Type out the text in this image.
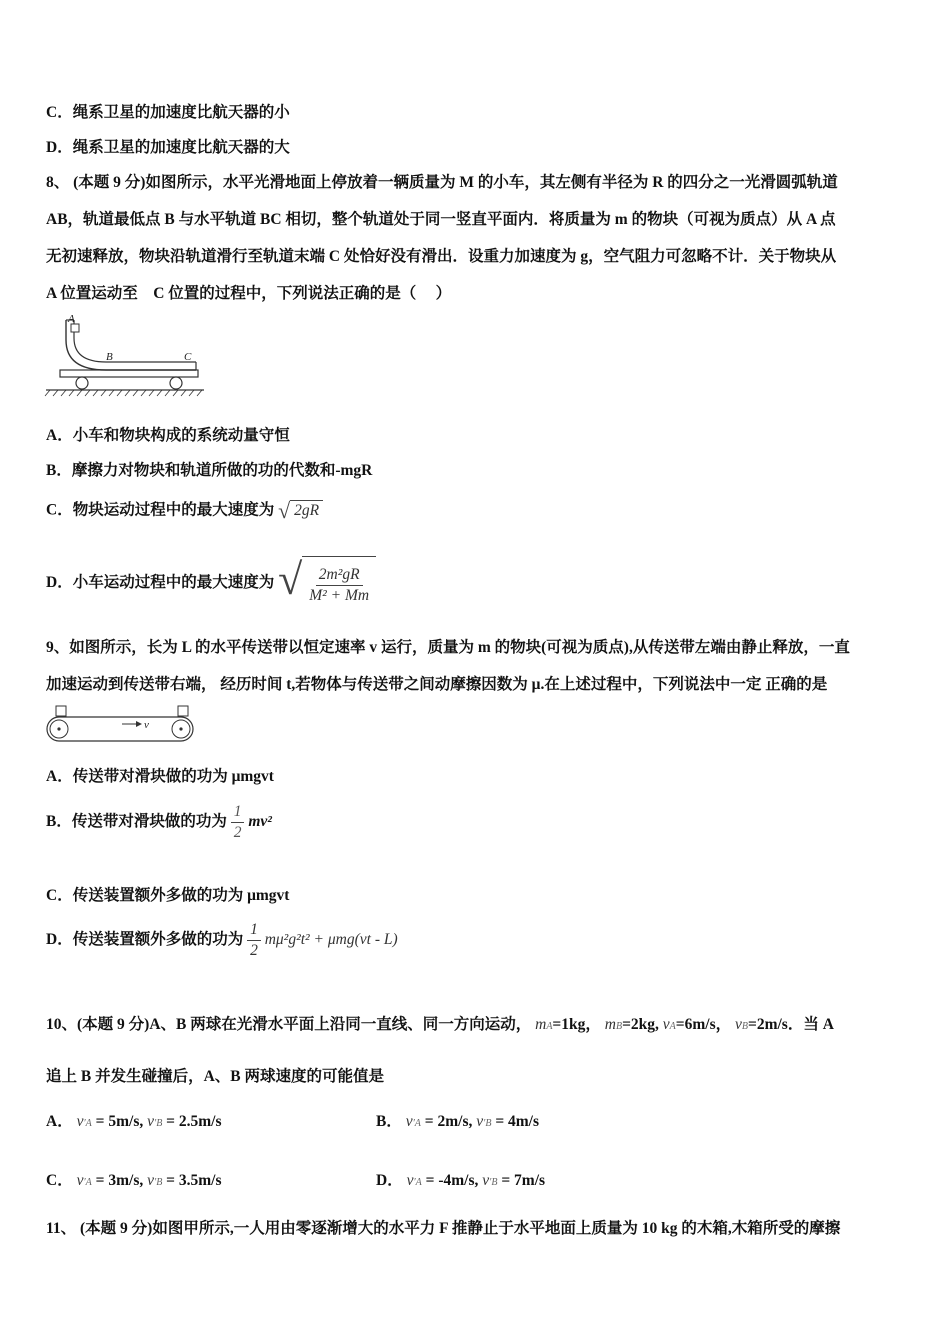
C．绳系卫星的加速度比航天器的小
D．绳系卫星的加速度比航天器的大
8、 (本题 9 分)如图所示，水平光滑地面上停放着一辆质量为 M 的小车，其左侧有半径为 R 的四分之一光滑圆弧轨道
AB，轨道最低点 B 与水平轨道 BC 相切，整个轨道处于同一竖直平面内．将质量为 m 的物块（可视为质点）从 A 点
无初速释放，物块沿轨道滑行至轨道末端 C 处恰好没有滑出．设重力加速度为 g，空气阻力可忽略不计．关于物块从
A 位置运动至　C 位置的过程中，下列说法正确的是（　 ）
A
B	C
A．小车和物块构成的系统动量守恒
B．摩擦力对物块和轨道所做的功的代数和-mgR
C．物块运动过程中的最大速度为 √ 2gR
D．小车运动过程中的最大速度为 √ $\frac{\text{2m²gR}}{\text{M² + Mm}}$
9、如图所示，长为 L 的水平传送带以恒定速率 v 运行，质量为 m 的物块(可视为质点),从传送带左端由静止释放，一直
加速运动到传送带右端， 经历时间 t,若物体与传送带之间动摩擦因数为 μ.在上述过程中，下列说法中一定 正确的是
v
A．传送带对滑块做的功为 μmgvt
B．传送带对滑块做的功为 $\frac{1}{2} mv^2$
C．传送装置额外多做的功为 μmgvt
D．传送装置额外多做的功为 $\frac{1}{2} m\mu^2g^2t^2 + \mu mg(vt - L)$
10、(本题 9 分)A、B 两球在光滑水平面上沿同一直线、同一方向运动， mA=1kg， mB=2kg, vA=6m/s， vB=2m/s．当 A
追上 B 并发生碰撞后，A、B 两球速度的可能值是
A． v′A = 5m/s, v′B = 2.5m/s	B． v′A = 2m/s, v′B = 4m/s
C． v′A = 3m/s, v′B = 3.5m/s	D． v′A = -4m/s, v′B = 7m/s
11、 (本题 9 分)如图甲所示,一人用由零逐渐增大的水平力 F 推静止于水平地面上质量为 10 kg 的木箱,木箱所受的摩擦
